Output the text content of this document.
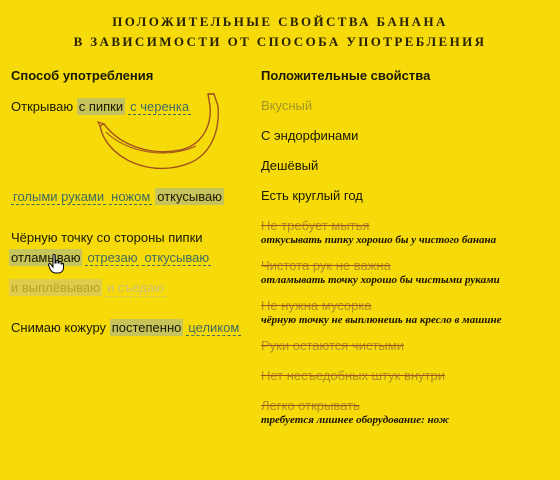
ПОЛОЖИТЕЛЬНЫЕ СВОЙСТВА БАНАНА
В ЗАВИСИМОСТИ ОТ СПОСОБА УПОТРЕБЛЕНИЯ
Способ употребления
Открываю с пипки с черенка
голыми руками ножом откусываю
Чёрную точку со стороны пипки
отламываю отрезаю откусываю
и выплёвываю и съедаю
Снимаю кожуру постепенно целиком
Положительные свойства
Вкусный
С эндорфинами
Дешёвый
Есть круглый год
Не требует мытья
откусывать пипку хорошо бы у чистого банана
Чистота рук не важна
отламывать точку хорошо бы чистыми руками
Не нужна мусорка
чёрную точку не выплюнешь на кресло в машине
Руки остаются чистыми
Нет несъедобных штук внутри
Легко открывать
требуется лишнее оборудование: нож
